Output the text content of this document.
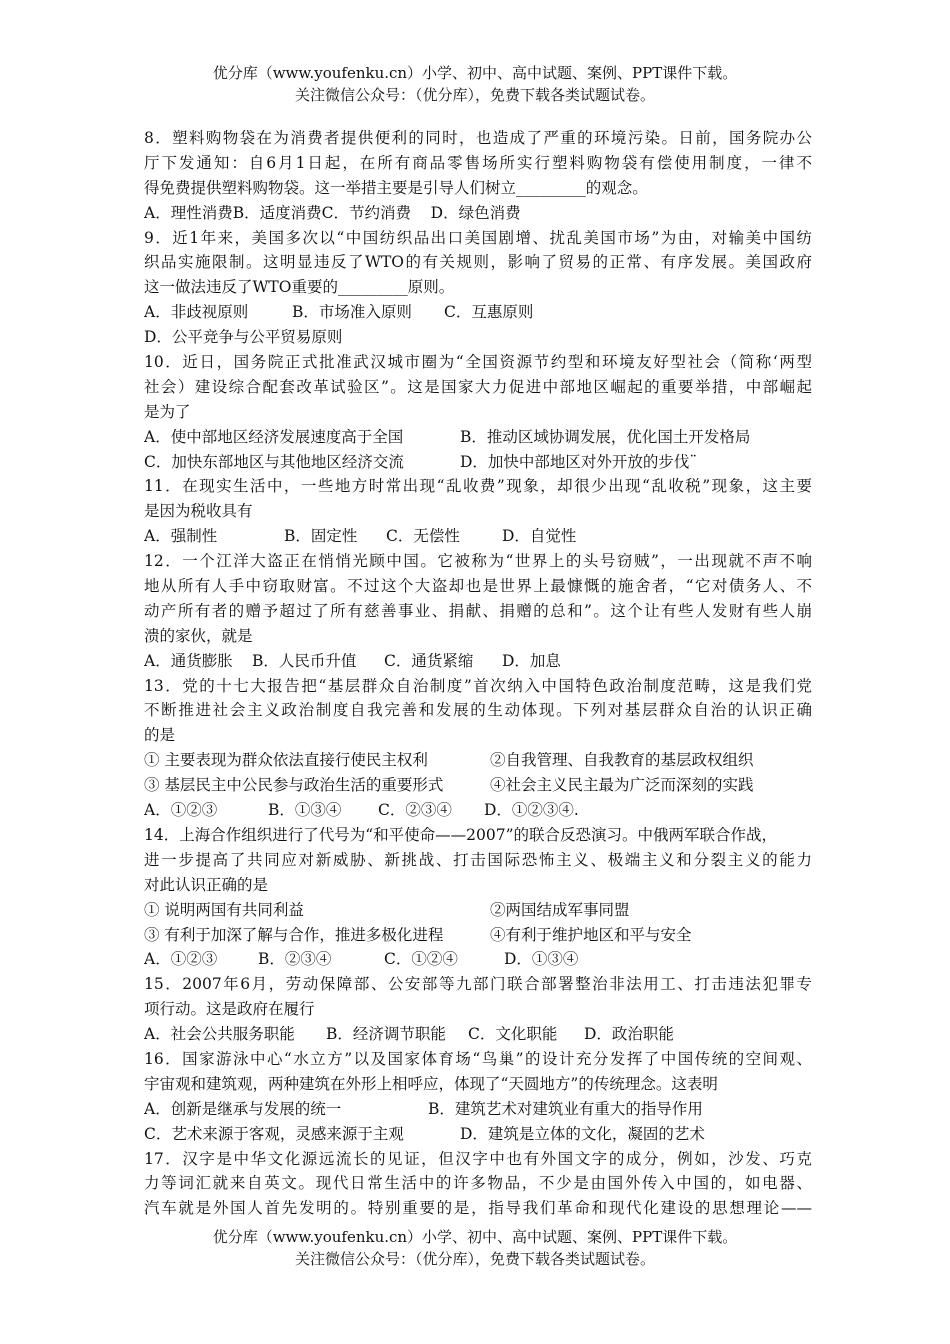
优分库（www.youfenku.cn）小学、初中、高中试题、案例、PPT课件下载。
关注微信公众号：（优分库），免费下载各类试题试卷。
8．塑料购物袋在为消费者提供便利的同时，也造成了严重的环境污染。日前，国务院办公
厅下发通知：自6月1日起，在所有商品零售场所实行塑料购物袋有偿使用制度，一律不
得免费提供塑料购物袋。这一举措主要是引导人们树立_________的观念。
A．理性消费B．适度消费C．节约消费    D．绿色消费
9．近1年来，美国多次以“中国纺织品出口美国剧增、扰乱美国市场”为由，对输美中国纺
织品实施限制。这明显违反了WTO的有关规则，影响了贸易的正常、有序发展。美国政府
这一做法违反了WTO重要的_________原则。
A．非歧视原则	B．市场准入原则	C．互惠原则
D．公平竞争与公平贸易原则
10．近日，国务院正式批准武汉城市圈为“全国资源节约型和环境友好型社会（简称‘两型
社会）建设综合配套改革试验区”。这是国家大力促进中部地区崛起的重要举措，中部崛起
是为了
A．使中部地区经济发展速度高于全国	B．推动区域协调发展，优化国土开发格局
C．加快东部地区与其他地区经济交流	D．加快中部地区对外开放的步伐¨
11．在现实生活中，一些地方时常出现“乱收费”现象，却很少出现“乱收税”现象，这主要
是因为税收具有
A．强制性	B．固定性	C．无偿性	D．自觉性
12．一个江洋大盗正在悄悄光顾中国。它被称为“世界上的头号窃贼”，一出现就不声不响
地从所有人手中窃取财富。不过这个大盗却也是世界上最慷慨的施舍者，“它对债务人、不
动产所有者的赠予超过了所有慈善事业、捐献、捐赠的总和”。这个让有些人发财有些人崩
溃的家伙，就是
A．通货膨胀	B．人民币升值	C．通货紧缩	D．加息
13．党的十七大报告把“基层群众自治制度”首次纳入中国特色政治制度范畴，这是我们党
不断推进社会主义政治制度自我完善和发展的生动体现。下列对基层群众自治的认识正确
的是
① 主要表现为群众依法直接行使民主权利	②自我管理、自我教育的基层政权组织
③ 基层民主中公民参与政治生活的重要形式	④社会主义民主最为广泛而深刻的实践
A．①②③	B．①③④	C．②③④	D．①②③④.
14．上海合作组织进行了代号为“和平使命——2007”的联合反恐演习。中俄两军联合作战，
进一步提高了共同应对新威胁、新挑战、打击国际恐怖主义、极端主义和分裂主义的能力
对此认识正确的是
① 说明两国有共同利益	②两国结成军事同盟
③ 有利于加深了解与合作，推进多极化进程	④有利于维护地区和平与安全
A．①②③	B．②③④	C．①②④	D．①③④
15．2007年6月，劳动保障部、公安部等九部门联合部署整治非法用工、打击违法犯罪专
项行动。这是政府在履行
A．社会公共服务职能	B．经济调节职能	C．文化职能	D．政治职能
16．国家游泳中心“水立方”以及国家体育场“鸟巢”的设计充分发挥了中国传统的空间观、
宇宙观和建筑观，两种建筑在外形上相呼应，体现了“天圆地方”的传统理念。这表明
A．创新是继承与发展的统一	B．建筑艺术对建筑业有重大的指导作用
C．艺术来源于客观，灵感来源于主观	D．建筑是立体的文化，凝固的艺术
17．汉字是中华文化源远流长的见证，但汉字中也有外国文字的成分，例如，沙发、巧克
力等词汇就来自英文。现代日常生活中的许多物品，不少是由国外传入中国的，如电器、
汽车就是外国人首先发明的。特别重要的是，指导我们革命和现代化建设的思想理论——
优分库（www.youfenku.cn）小学、初中、高中试题、案例、PPT课件下载。
关注微信公众号：（优分库），免费下载各类试题试卷。
